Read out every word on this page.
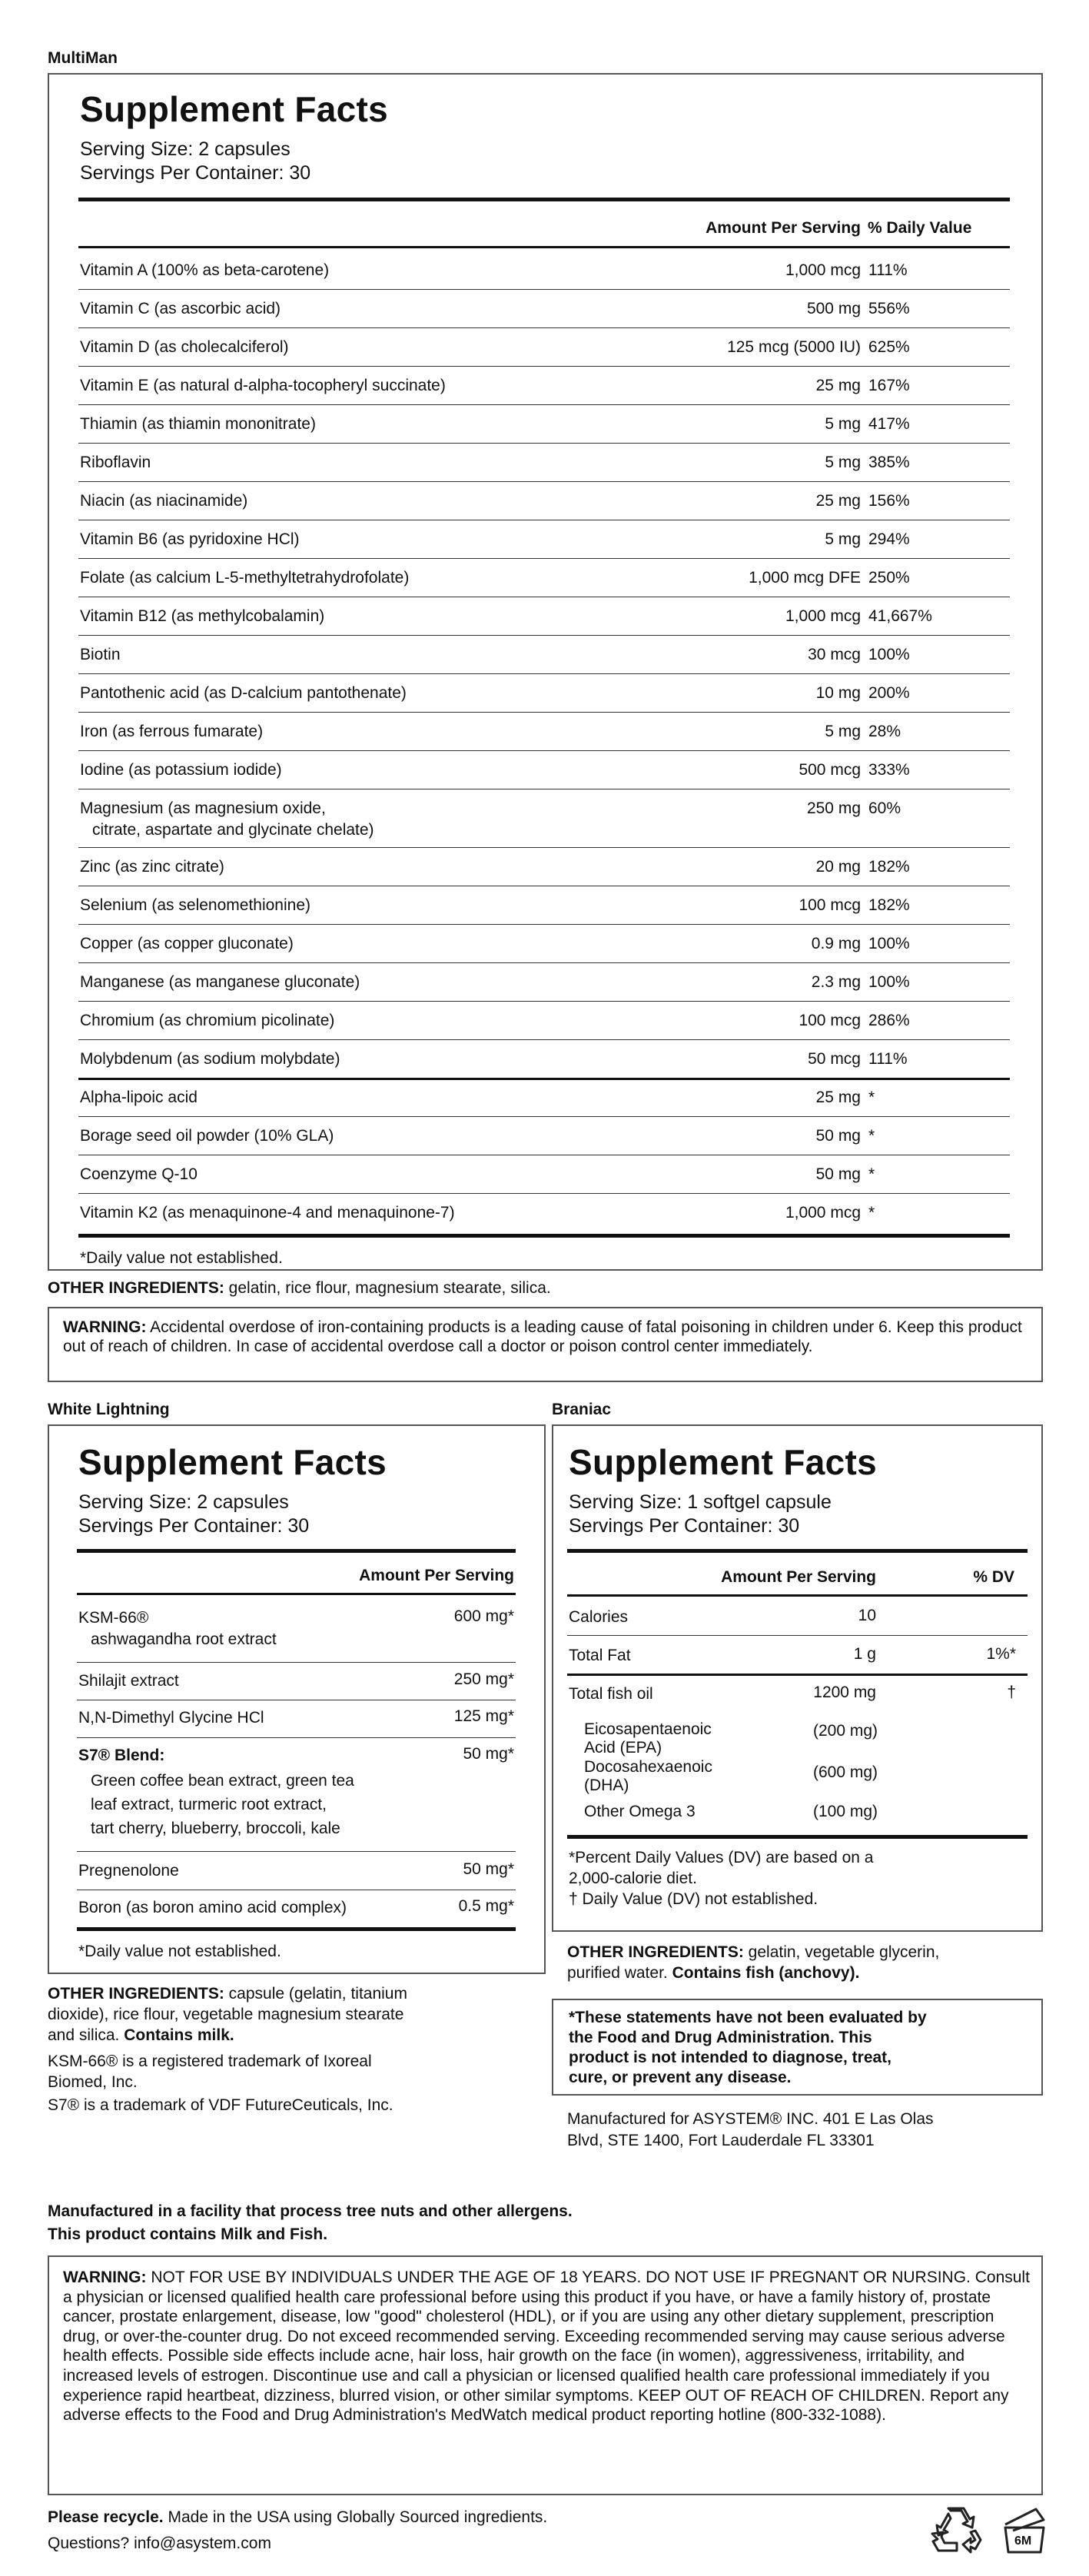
MultiMan
Supplement Facts
Serving Size: 2 capsules
Servings Per Container: 30
Amount Per Serving % Daily Value
Vitamin A (100% as beta-carotene)	1,000 mcg 111%
Vitamin C (as ascorbic acid)	500 mg 556%
Vitamin D (as cholecalciferol)	125 mcg (5000 IU) 625%
Vitamin E (as natural d-alpha-tocopheryl succinate)	25 mg 167%
Thiamin (as thiamin mononitrate)	5 mg 417%
Riboflavin	5 mg 385%
Niacin (as niacinamide)	25 mg 156%
Vitamin B6 (as pyridoxine HCl)	5 mg 294%
Folate (as calcium L-5-methyltetrahydrofolate)	1,000 mcg DFE 250%
Vitamin B12 (as methylcobalamin)	1,000 mcg 41,667%
Biotin	30 mcg 100%
Pantothenic acid (as D-calcium pantothenate)	10 mg 200%
Iron (as ferrous fumarate)	5 mg 28%
Iodine (as potassium iodide)	500 mcg 333%
Magnesium (as magnesium oxide,
citrate, aspartate and glycinate chelate)
250 mg 60%
Zinc (as zinc citrate)	20 mg 182%
Selenium (as selenomethionine)	100 mcg 182%
Copper (as copper gluconate)	0.9 mg 100%
Manganese (as manganese gluconate)	2.3 mg 100%
Chromium (as chromium picolinate)	100 mcg 286%
Molybdenum (as sodium molybdate)	50 mcg 111%
Alpha-lipoic acid	25 mg *
Borage seed oil powder (10% GLA)	50 mg *
Coenzyme Q-10	50 mg *
Vitamin K2 (as menaquinone-4 and menaquinone-7)	1,000 mcg *
*Daily value not established.
OTHER INGREDIENTS: gelatin, rice flour, magnesium stearate, silica.
WARNING: Accidental overdose of iron-containing products is a leading cause of fatal poisoning in children under 6. Keep this product out of reach of children. In case of accidental overdose call a doctor or poison control center immediately.
White Lightning
Supplement Facts
Serving Size: 2 capsules
Servings Per Container: 30
Amount Per Serving
KSM-66®
ashwagandha root extract
600 mg*
Shilajit extract	250 mg*
N,N-Dimethyl Glycine HCl	125 mg*
S7® Blend:	50 mg*
Green coffee bean extract, green tea
leaf extract, turmeric root extract,
tart cherry, blueberry, broccoli, kale
Pregnenolone	50 mg*
Boron (as boron amino acid complex)	0.5 mg*
*Daily value not established.
OTHER INGREDIENTS: capsule (gelatin, titanium
dioxide), rice flour, vegetable magnesium stearate
and silica. Contains milk.
KSM-66® is a registered trademark of Ixoreal
Biomed, Inc.
S7® is a trademark of VDF FutureCeuticals, Inc.
Braniac
Supplement Facts
Serving Size: 1 softgel capsule
Servings Per Container: 30
Amount Per Serving	% DV
Calories	10
Total Fat	1 g	1%*
Total fish oil	1200 mg	†
Eicosapentaenoic
Acid (EPA)
(200 mg)
Docosahexaenoic
(DHA)
(600 mg)
Other Omega 3	(100 mg)
*Percent Daily Values (DV) are based on a
2,000-calorie diet.
† Daily Value (DV) not established.
OTHER INGREDIENTS: gelatin, vegetable glycerin,
purified water. Contains fish (anchovy).
*These statements have not been evaluated by
the Food and Drug Administration. This
product is not intended to diagnose, treat,
cure, or prevent any disease.
Manufactured for ASYSTEM® INC. 401 E Las Olas
Blvd, STE 1400, Fort Lauderdale FL 33301
Manufactured in a facility that process tree nuts and other allergens.
This product contains Milk and Fish.
WARNING: NOT FOR USE BY INDIVIDUALS UNDER THE AGE OF 18 YEARS. DO NOT USE IF PREGNANT OR NURSING. Consult a physician or licensed qualified health care professional before using this product if you have, or have a family history of, prostate cancer, prostate enlargement, disease, low "good" cholesterol (HDL), or if you are using any other dietary supplement, prescription drug, or over-the-counter drug. Do not exceed recommended serving. Exceeding recommended serving may cause serious adverse health effects. Possible side effects include acne, hair loss, hair growth on the face (in women), aggressiveness, irritability, and increased levels of estrogen. Discontinue use and call a physician or licensed qualified health care professional immediately if you experience rapid heartbeat, dizziness, blurred vision, or other similar symptoms. KEEP OUT OF REACH OF CHILDREN. Report any adverse effects to the Food and Drug Administration's MedWatch medical product reporting hotline (800-332-1088).
Please recycle. Made in the USA using Globally Sourced ingredients.
Questions? info@asystem.com	6M
